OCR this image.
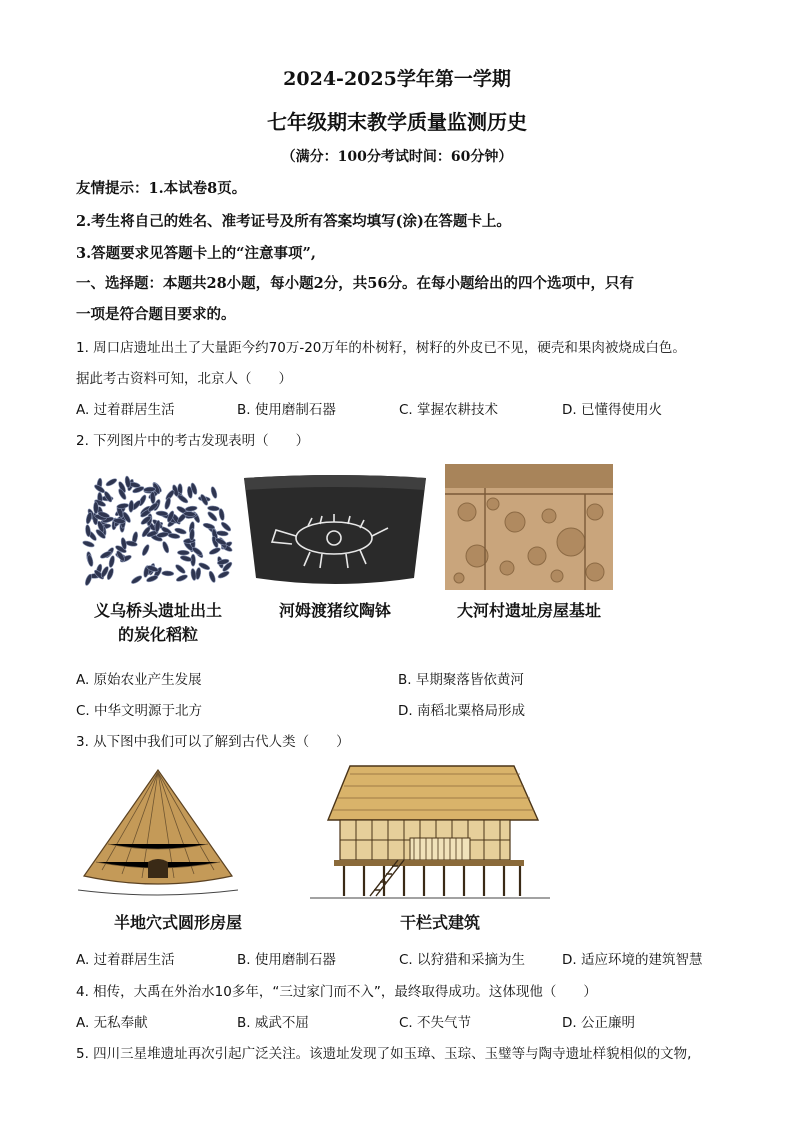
2024-2025学年第一学期
七年级期末教学质量监测历史
（满分：100分考试时间：60分钟）
友情提示：1.本试卷8页。
2.考生将自己的姓名、准考证号及所有答案均填写(涂)在答题卡上。
3.答题要求见答题卡上的“注意事项”,
一、选择题：本题共28小题，每小题2分，共56分。在每小题给出的四个选项中，只有
一项是符合题目要求的。
1. 周口店遗址出土了大量距今约70万-20万年的朴树籽，树籽的外皮已不见，硬壳和果肉被烧成白色。
据此考古资料可知，北京人（　　）
A. 过着群居生活	B. 使用磨制石器	C. 掌握农耕技术	D. 已懂得使用火
2. 下列图片中的考古发现表明（　　）
义乌桥头遗址出土
的炭化稻粒
河姆渡猪纹陶钵	大河村遗址房屋基址
A. 原始农业产生发展	B. 早期聚落皆依黄河
C. 中华文明源于北方	D. 南稻北粟格局形成
3. 从下图中我们可以了解到古代人类（　　）
半地穴式圆形房屋	干栏式建筑
A. 过着群居生活	B. 使用磨制石器	C. 以狩猎和采摘为生	D. 适应环境的建筑智慧
4. 相传，大禹在外治水10多年，“三过家门而不入”，最终取得成功。这体现他（　　）
A. 无私奉献	B. 威武不屈	C. 不失气节	D. 公正廉明
5. 四川三星堆遗址再次引起广泛关注。该遗址发现了如玉璋、玉琮、玉璧等与陶寺遗址样貌相似的文物,
